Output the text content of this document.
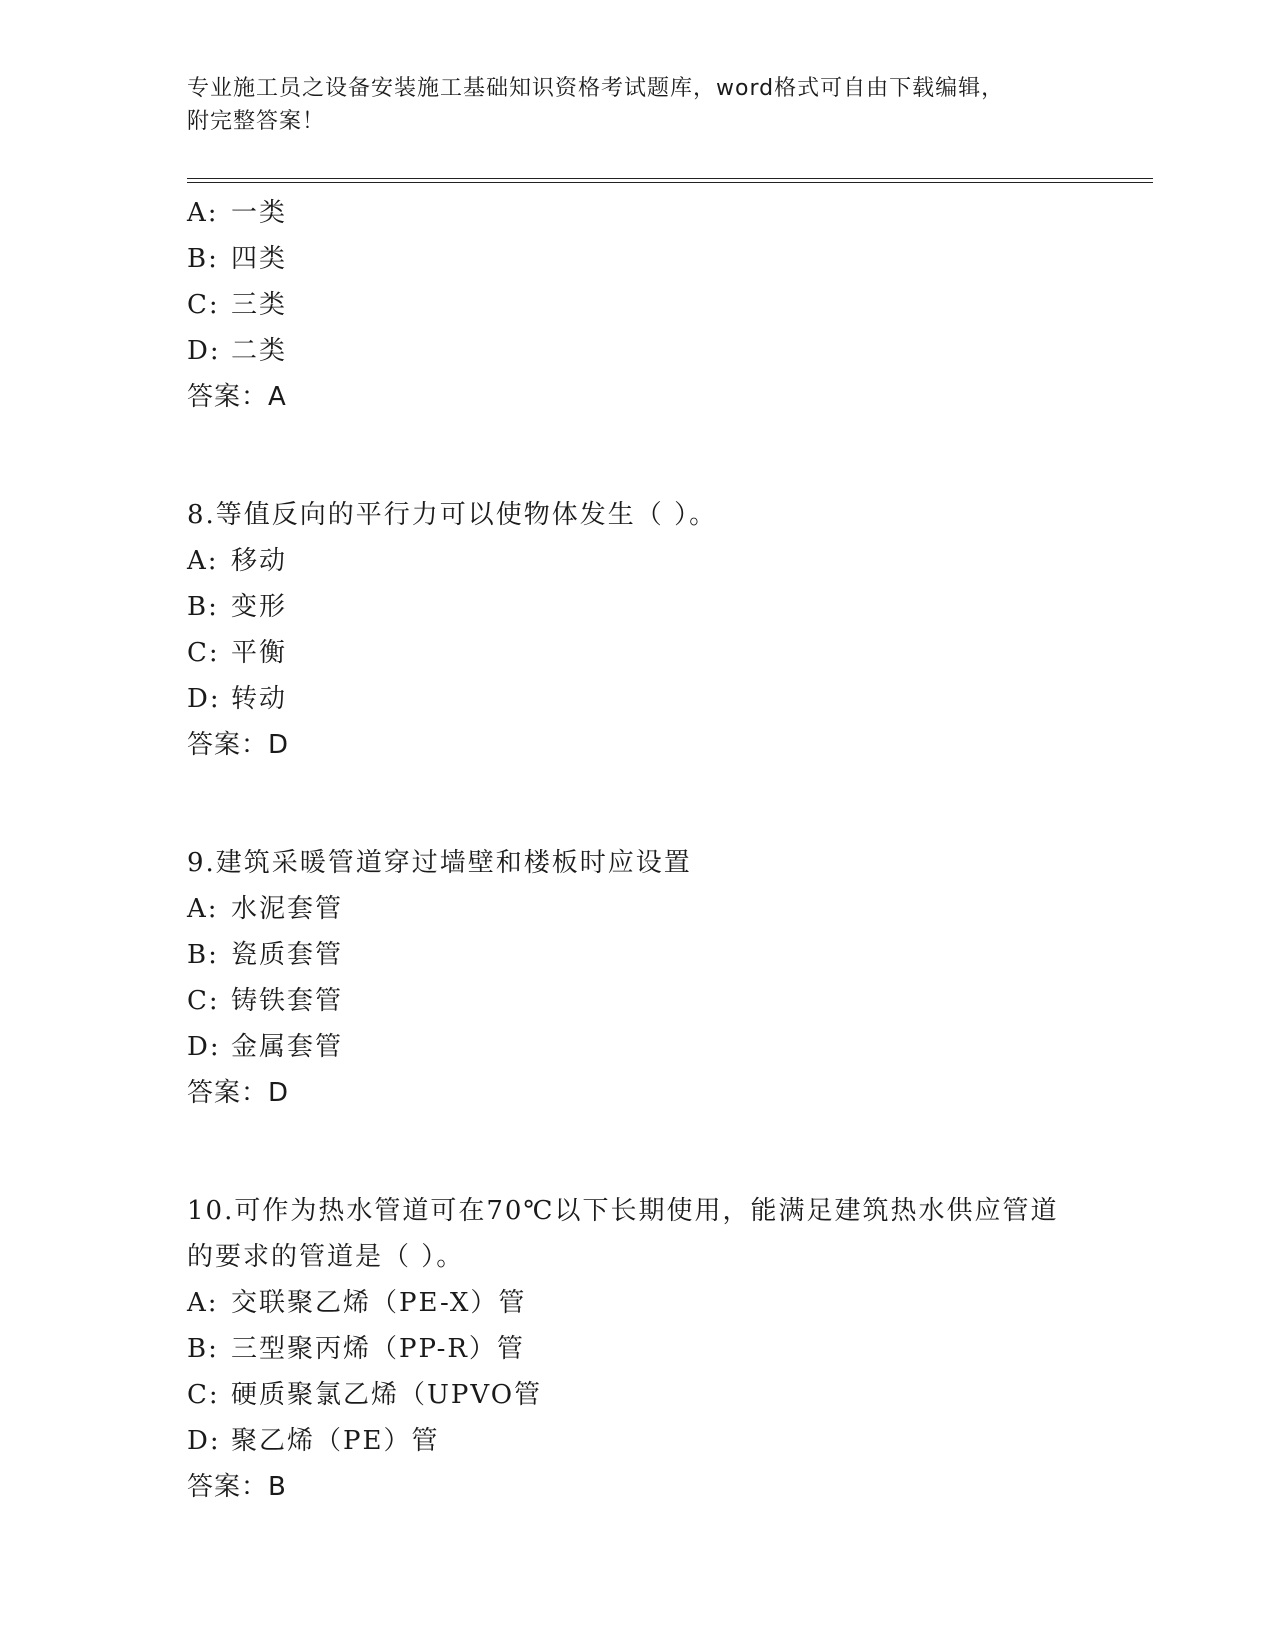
专业施工员之设备安装施工基础知识资格考试题库，word格式可自由下载编辑，
附完整答案！
A: 一类
B: 四类
C: 三类
D: 二类
答案：A
8.等值反向的平行力可以使物体发生（ ）。
A: 移动
B: 变形
C: 平衡
D: 转动
答案：D
9.建筑采暖管道穿过墙壁和楼板时应设置
A: 水泥套管
B: 瓷质套管
C: 铸铁套管
D: 金属套管
答案：D
10.可作为热水管道可在70℃以下长期使用，能满足建筑热水供应管道
的要求的管道是（ ）。
A: 交联聚乙烯（PE-X）管
B: 三型聚丙烯（PP-R）管
C: 硬质聚氯乙烯（UPVO管
D: 聚乙烯（PE）管
答案：B
